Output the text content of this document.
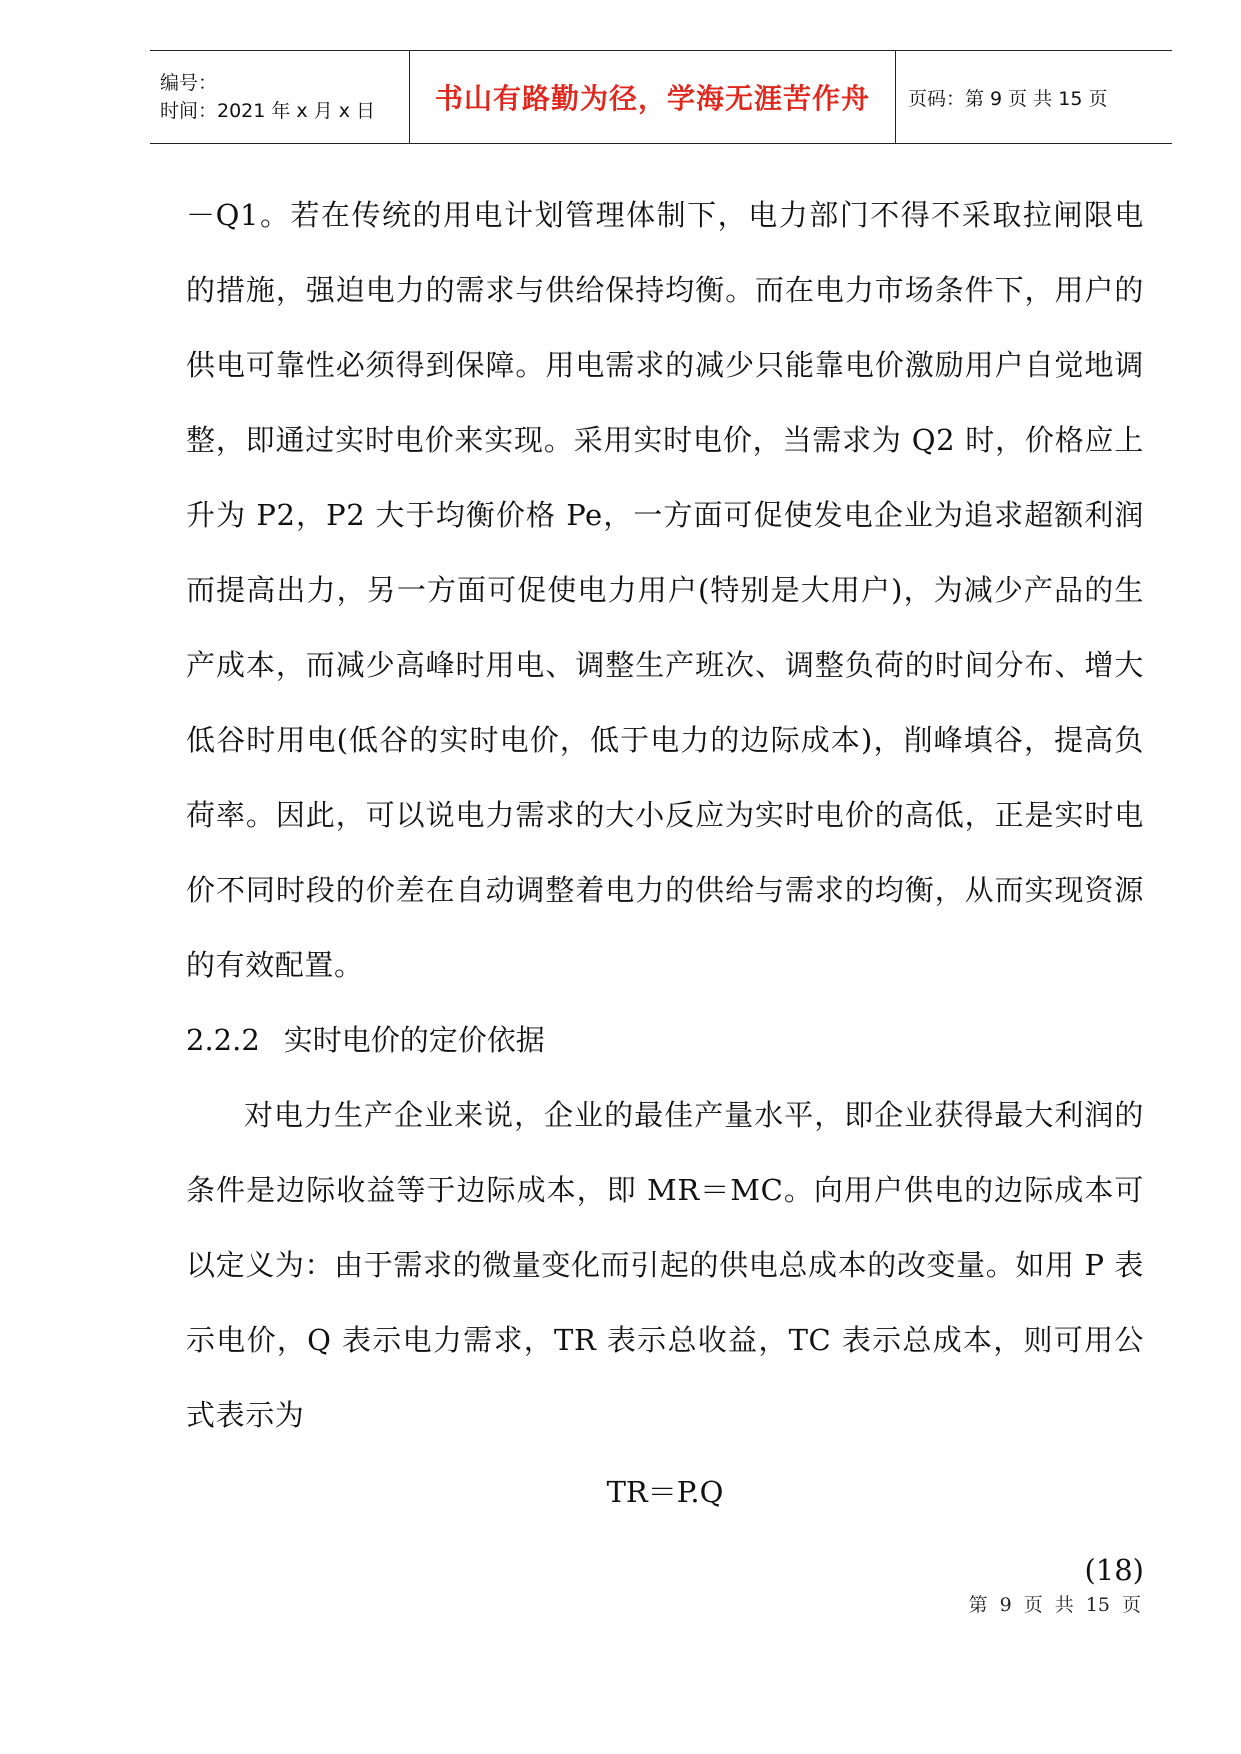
编号：
时间：2021 年 x 月 x 日	书山有路勤为径，学海无涯苦作舟 页码：第 9 页 共 15 页

－Q1。若在传统的用电计划管理体制下，电力部门不得不采取拉闸限电的措施，强迫电力的需求与供给保持均衡。而在电力市场条件下，用户的供电可靠性必须得到保障。用电需求的减少只能靠电价激励用户自觉地调整，即通过实时电价来实现。采用实时电价，当需求为 Q2 时，价格应上升为 P2，P2 大于均衡价格 Pe，一方面可促使发电企业为追求超额利润而提高出力，另一方面可促使电力用户(特别是大用户)，为减少产品的生产成本，而减少高峰时用电、调整生产班次、调整负荷的时间分布、增大低谷时用电(低谷的实时电价，低于电力的边际成本)，削峰填谷，提高负荷率。因此，可以说电力需求的大小反应为实时电价的高低，正是实时电价不同时段的价差在自动调整着电力的供给与需求的均衡，从而实现资源的有效配置。

2.2.2 实时电价的定价依据

对电力生产企业来说，企业的最佳产量水平，即企业获得最大利润的条件是边际收益等于边际成本，即 MR＝MC。向用户供电的边际成本可以定义为：由于需求的微量变化而引起的供电总成本的改变量。如用 P 表示电价，Q 表示电力需求，TR 表示总收益，TC 表示总成本，则可用公式表示为

TR＝P.Q

(18)

第 9 页 共 15 页
